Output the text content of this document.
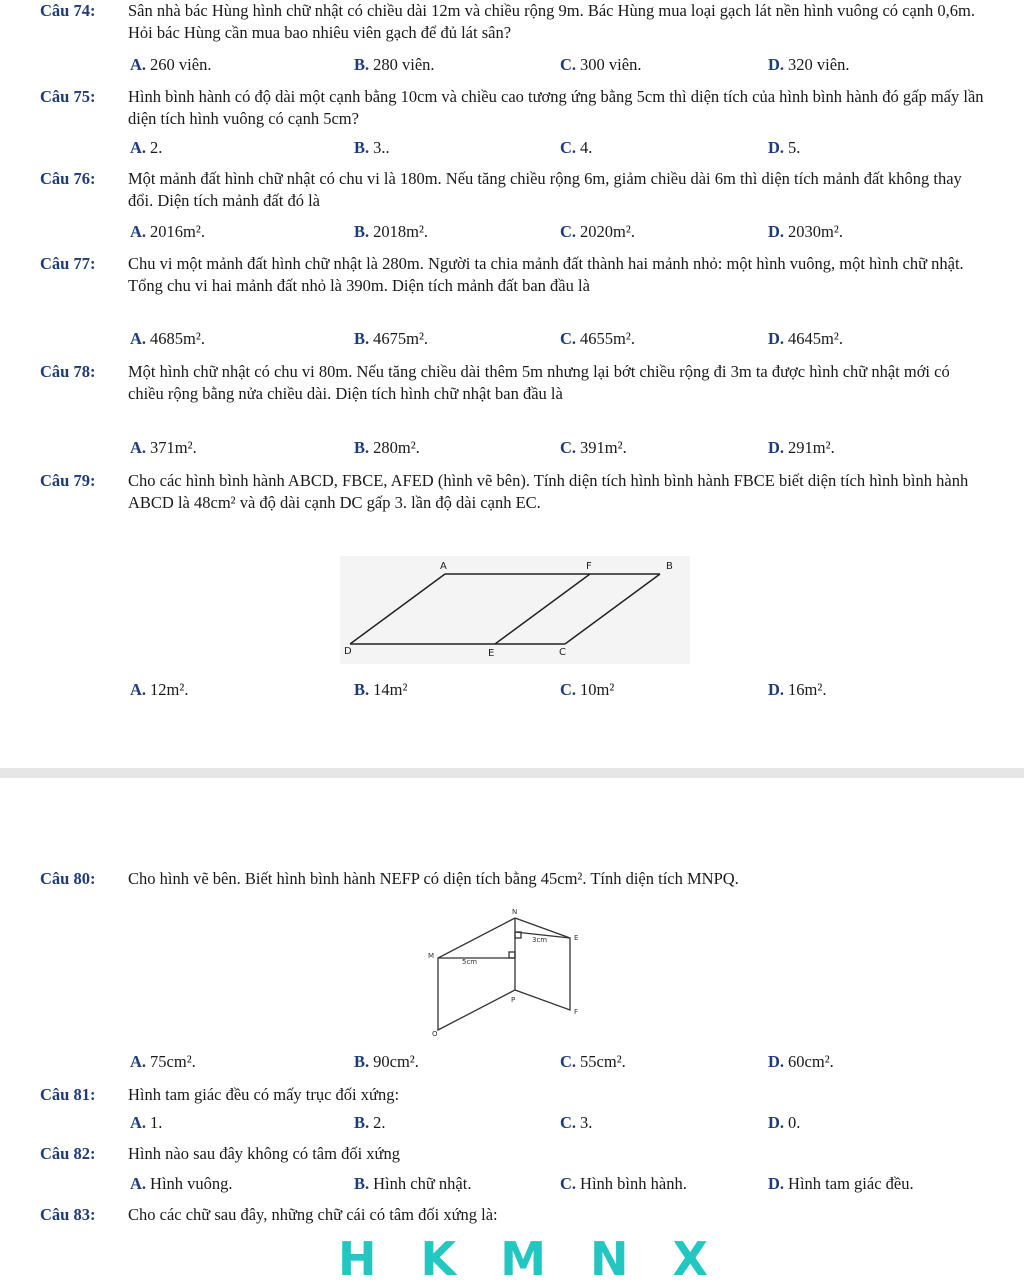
Câu 74:	Sân nhà bác Hùng hình chữ nhật có chiều dài 12m và chiều rộng 9m. Bác Hùng mua loại gạch lát nền hình vuông có cạnh 0,6m. Hỏi bác Hùng cần mua bao nhiêu viên gạch để đủ lát sân?
A. 260 viên.	B. 280 viên.	C. 300 viên.	D. 320 viên.
Câu 75:	Hình bình hành có độ dài một cạnh bằng 10cm và chiều cao tương ứng bằng 5cm thì diện tích của hình bình hành đó gấp mấy lần diện tích hình vuông có cạnh 5cm?
A. 2.	B. 3..	C. 4.	D. 5.
Câu 76:	Một mảnh đất hình chữ nhật có chu vi là 180m. Nếu tăng chiều rộng 6m, giảm chiều dài 6m thì diện tích mảnh đất không thay đổi. Diện tích mảnh đất đó là
A. 2016m².	B. 2018m².	C. 2020m².	D. 2030m².
Câu 77:	Chu vi một mảnh đất hình chữ nhật là 280m. Người ta chia mảnh đất thành hai mảnh nhỏ: một hình vuông, một hình chữ nhật. Tổng chu vi hai mảnh đất nhỏ là 390m. Diện tích mảnh đất ban đầu là
A. 4685m².	B. 4675m².	C. 4655m².	D. 4645m².
Câu 78:	Một hình chữ nhật có chu vi 80m. Nếu tăng chiều dài thêm 5m nhưng lại bớt chiều rộng đi 3m ta được hình chữ nhật mới có chiều rộng bằng nửa chiều dài. Diện tích hình chữ nhật ban đầu là
A. 371m².	B. 280m².	C. 391m².	D. 291m².
Câu 79:	Cho các hình bình hành ABCD, FBCE, AFED (hình vẽ bên). Tính diện tích hình bình hành FBCE biết diện tích hình bình hành ABCD là 48cm² và độ dài cạnh DC gấp 3. lần độ dài cạnh EC.
A	F	B
D	E	C
A. 12m².	B. 14m²	C. 10m²	D. 16m².
Câu 80:	Cho hình vẽ bên. Biết hình bình hành NEFP có diện tích bằng 45cm². Tính diện tích MNPQ.
N
M
E
Q
P
F
5cm
3cm
A. 75cm².	B. 90cm².	C. 55cm².	D. 60cm².
Câu 81:	Hình tam giác đều có mấy trục đối xứng:
A. 1.	B. 2.	C. 3.	D. 0.
Câu 82:	Hình nào sau đây không có tâm đối xứng
A. Hình vuông.	B. Hình chữ nhật.	C. Hình bình hành.	D. Hình tam giác đều.
Câu 83:	Cho các chữ sau đây, những chữ cái có tâm đối xứng là:
H K M N X
